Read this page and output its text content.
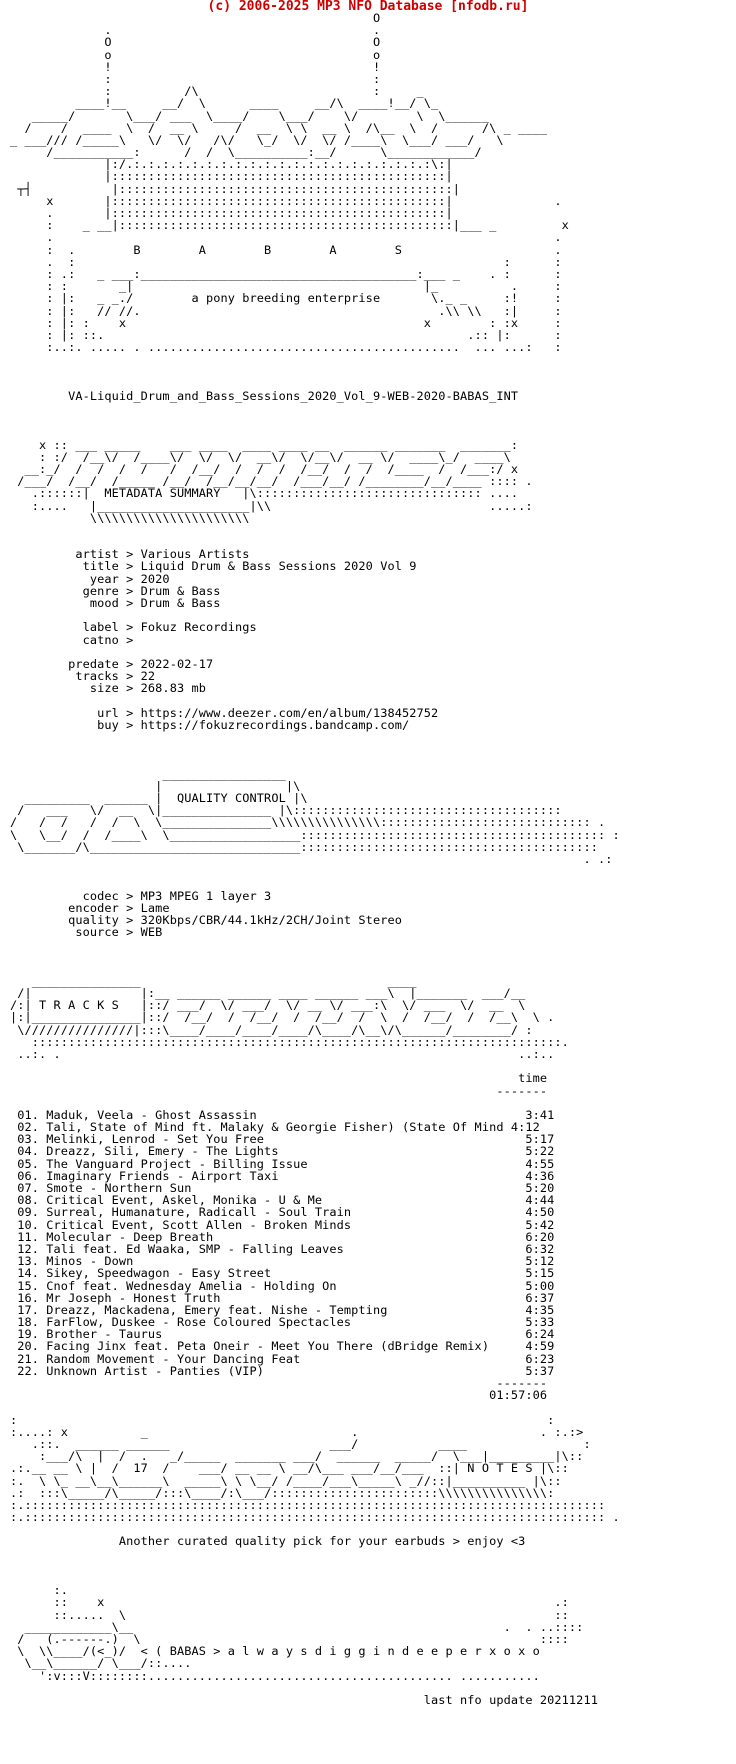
(c) 2006-2025 MP3 NFO Database [nfodb.ru]
O
.                                    .
O                                    O
o                                    o
!                                    !
:                                    :
:          /\                        :     _
____!__     __/  \      ____     __/\  ____!__/ \_
_____/       \___/ ___  \____/    \___/    \/        \  \______
/    /  ____  \  /  __ \     /  __  \ \  __ \  /\__  \  /      /\ _ ____
_ ___/// /_____\   \/  \/   /\/   \_/  \/  \/ /____\  \___/ ___/   \
/___________:      /  /  \__________:__/      \____________/
|:/.:.:.:.:.:.:.:.:.:.:.:.:.:.:.:.:.:.:.:.:.:\:|
|::::::::::::::::::::::::::::::::::::::::::::::|
┬┤           |::::::::::::::::::::::::::::::::::::::::::::::|
x       |::::::::::::::::::::::::::::::::::::::::::::::|              .
.       |::::::::::::::::::::::::::::::::::::::::::::::|
:    _ __|::::::::::::::::::::::::::::::::::::::::::::::|___ _         x
.                                                                     .
:  .        B        A        B        A        S                     .
.  :                                                           :      :
: .:   _ ___:______________________________________:___ _    . :      :
: :       _|                                        |_          .     :
: |:   _ _./        a pony breeding enterprise       \._ _     :!     :
: |:   // //.                                         .\\ \\   :|     :
: |: :    x                                         x        : :x     :
: |: ::.                                                  .:: |:      :
:..:. ..... . ...........................................  ... ...:   :

VA-Liquid_Drum_and_Bass_Sessions_2020_Vol_9-WEB-2020-BABAS_INT

x :: ___ _____    ___ ____  ____ ____ __  ______ _______  _______:
: :/  /__\/  /____\/  \/  \/  __\/  \/__\/  __ \/  ____\_/  ____\
__:_/  /  /  /  /   /  /__/  /  /  /  /__/  /  /  /____  /  /___:/ x
/___/  /__/  /_____ /__/  /__/__/__/  /___/__/ /________/__/____ :::: .
.::::::|  METADATA SUMMARY   |\::::::::::::::::::::::::::::::: ....
:....   |_____________________|\\                              .....:
\\\\\\\\\\\\\\\\\\\\\\

artist > Various Artists
title > Liquid Drum & Bass Sessions 2020 Vol 9
year > 2020
genre > Drum & Bass
mood > Drum & Bass

label > Fokuz Recordings
catno >

predate > 2022-02-17
tracks > 22
size > 268.83 mb

url > https://www.deezer.com/en/album/138452752
buy > https://fokuzrecordings.bandcamp.com/

_________________
|                 |\
_________  ______ |  QUALITY CONTROL |\
/   ___   \/  __  \|_______________ |\:::::::::::::::::::::::::::::::::::::
/   /  /   /  /  \  \_______________\\\\\\\\\\\\\\\::::::::::::::::::::::::::::: .
\   \__/  /  /____\  \__________________:::::::::::::::::::::::::::::::::::::::::: :
\_______/\_____________________________:::::::::::::::::::::::::::::::::::::::::
. .:

codec > MP3 MPEG 1 layer 3
encoder > Lame
quality > 320Kbps/CBR/44.1kHz/2CH/Joint Stereo
source > WEB

_______________                                  ____
/|               |:__ ______ ______ ____ ______ ___\  |_______  ___/__
/:| T R A C K S   |::/ ___/  \/ ___/  \/ __ \/ ___:\  \/ ___  \/  __  \
|:|_______________|::/  /__/  /  /__/  /  /__/  /  \  /  /__/  /  /__\  \ .
\///////////////|:::\____/____/____/____/\____/\__\/\______/________/ :
:::::::::::::::::::::::::::::::::::::::::::::::::::::::::::::::::::::::::.
..:. .                                                               ..:..

time
-------

01. Maduk, Veela - Ghost Assassin                                     3:41
02. Tali, State of Mind ft. Malaky & Georgie Fisher) (State Of Mind 4:12
03. Melinki, Lenrod - Set You Free                                    5:17
04. Dreazz, Sili, Emery - The Lights                                  5:22
05. The Vanguard Project - Billing Issue                              4:55
06. Imaginary Friends - Airport Taxi                                  4:36
07. Smote - Northern Sun                                              5:20
08. Critical Event, Askel, Monika - U & Me                            4:44
09. Surreal, Humanature, Radicall - Soul Train                        4:50
10. Critical Event, Scott Allen - Broken Minds                        5:42
11. Molecular - Deep Breath                                           6:20
12. Tali feat. Ed Waaka, SMP - Falling Leaves                         6:32
13. Minos - Down                                                      5:12
14. Sikey, Speedwagon - Easy Street                                   5:15
15. Cnof feat. Wednesday Amelia - Holding On                          5:00
16. Mr Joseph - Honest Truth                                          6:37
17. Dreazz, Mackadena, Emery feat. Nishe - Tempting                   4:35
18. FarFlow, Duskee - Rose Coloured Spectacles                        5:33
19. Brother - Taurus                                                  6:24
20. Facing Jinx feat. Peta Oneir - Meet You There (dBridge Remix)     4:59
21. Random Movement - Your Dancing Feat                               6:23
22. Unknown Artist - Panties (VIP)                                    5:37
-------
01:57:06

:                                                                         :
:....: x          _                            .                         . :.:>
.::.  ______ ______                      ___/           ____                :
:___/\  |  /  .   _/_____  _______ ___/  ______  _____/  \___|_________|\::
.:.__ __ \ |  /  17  /    ___/ __ __ \ __/\___ ___/__/___  ::| N O T E S |\::
:.  \ \_ __\__\______\  _____\ \ \__/ /____/___\_____\ _//::|__________ |\::
.:  :::\_____/\_____/:::\____/:\___/:::::::::::::::::::::::\\\\\\\\\\\\\\\:
:.::::::::::::::::::::::::::::::::::::::::::::::::::::::::::::::::::::::::::::::::
:.:::::::::::::::::::::::::::::::::::::::::::::::::::::::::::::::::::::::::::::::: .

Another curated quality pick for your earbuds > enjoy <3

:.
::    x                                                              .:
::.....  \                                                           ::
____________\__                                                   .  . ..::::
/   (.------.)  \                                                       ::::
\  \\____/(<_)/  < ( BABAS > a l w a y s d i g g i n d e e p e r x o x o
\__\______/ \___/::....
':v:::V::::::::.......................................... ...........

last nfo update 20211211
